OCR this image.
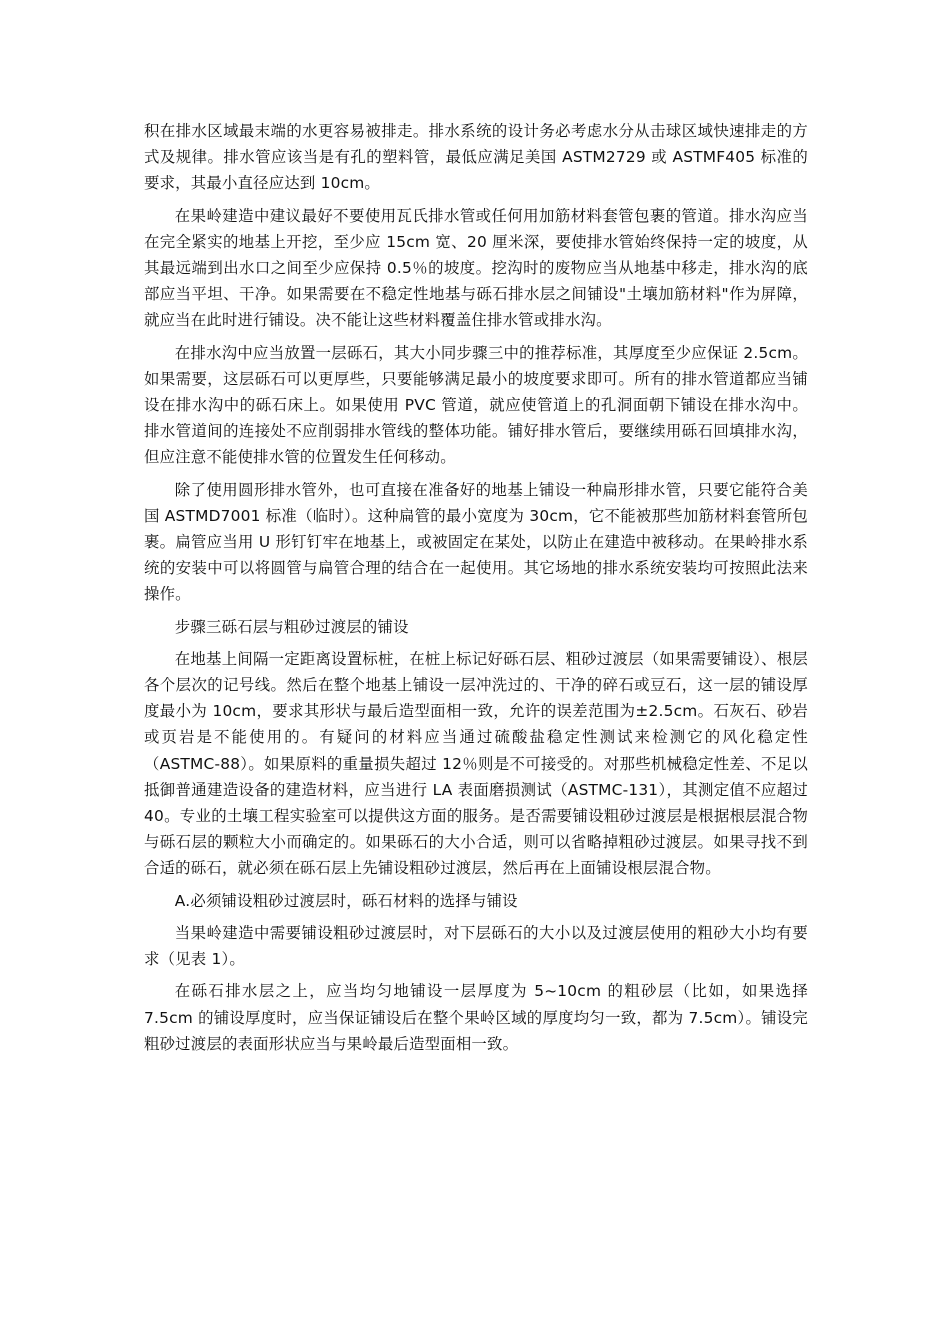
积在排水区域最末端的水更容易被排走。排水系统的设计务必考虑水分从击球区域快速排走的方式及规律。排水管应该当是有孔的塑料管，最低应满足美国 ASTM2729 或 ASTMF405 标准的要求，其最小直径应达到 10cm。

在果岭建造中建议最好不要使用瓦氏排水管或任何用加筋材料套管包裹的管道。排水沟应当在完全紧实的地基上开挖，至少应 15cm 宽、20 厘米深，要使排水管始终保持一定的坡度，从其最远端到出水口之间至少应保持 0.5％的坡度。挖沟时的废物应当从地基中移走，排水沟的底部应当平坦、干净。如果需要在不稳定性地基与砾石排水层之间铺设"土壤加筋材料"作为屏障，就应当在此时进行铺设。决不能让这些材料覆盖住排水管或排水沟。

在排水沟中应当放置一层砾石，其大小同步骤三中的推荐标准，其厚度至少应保证 2.5cm。如果需要，这层砾石可以更厚些，只要能够满足最小的坡度要求即可。所有的排水管道都应当铺设在排水沟中的砾石床上。如果使用 PVC 管道，就应使管道上的孔洞面朝下铺设在排水沟中。排水管道间的连接处不应削弱排水管线的整体功能。铺好排水管后，要继续用砾石回填排水沟，但应注意不能使排水管的位置发生任何移动。

除了使用圆形排水管外，也可直接在准备好的地基上铺设一种扁形排水管，只要它能符合美国 ASTMD7001 标准（临时）。这种扁管的最小宽度为 30cm，它不能被那些加筋材料套管所包裹。扁管应当用 U 形钉钉牢在地基上，或被固定在某处，以防止在建造中被移动。在果岭排水系统的安装中可以将圆管与扁管合理的结合在一起使用。其它场地的排水系统安装均可按照此法来操作。

步骤三砾石层与粗砂过渡层的铺设

在地基上间隔一定距离设置标桩，在桩上标记好砾石层、粗砂过渡层（如果需要铺设）、根层各个层次的记号线。然后在整个地基上铺设一层冲洗过的、干净的碎石或豆石，这一层的铺设厚度最小为 10cm，要求其形状与最后造型面相一致，允许的误差范围为±2.5cm。石灰石、砂岩或页岩是不能使用的。有疑问的材料应当通过硫酸盐稳定性测试来检测它的风化稳定性（ASTMC-88）。如果原料的重量损失超过 12％则是不可接受的。对那些机械稳定性差、不足以抵御普通建造设备的建造材料，应当进行 LA 表面磨损测试（ASTMC-131），其测定值不应超过 40。专业的土壤工程实验室可以提供这方面的服务。是否需要铺设粗砂过渡层是根据根层混合物与砾石层的颗粒大小而确定的。如果砾石的大小合适，则可以省略掉粗砂过渡层。如果寻找不到合适的砾石，就必须在砾石层上先铺设粗砂过渡层，然后再在上面铺设根层混合物。

A.必须铺设粗砂过渡层时，砾石材料的选择与铺设

当果岭建造中需要铺设粗砂过渡层时，对下层砾石的大小以及过渡层使用的粗砂大小均有要求（见表 1）。

在砾石排水层之上，应当均匀地铺设一层厚度为 5~10cm 的粗砂层（比如，如果选择 7.5cm 的铺设厚度时，应当保证铺设后在整个果岭区域的厚度均匀一致，都为 7.5cm）。铺设完粗砂过渡层的表面形状应当与果岭最后造型面相一致。
